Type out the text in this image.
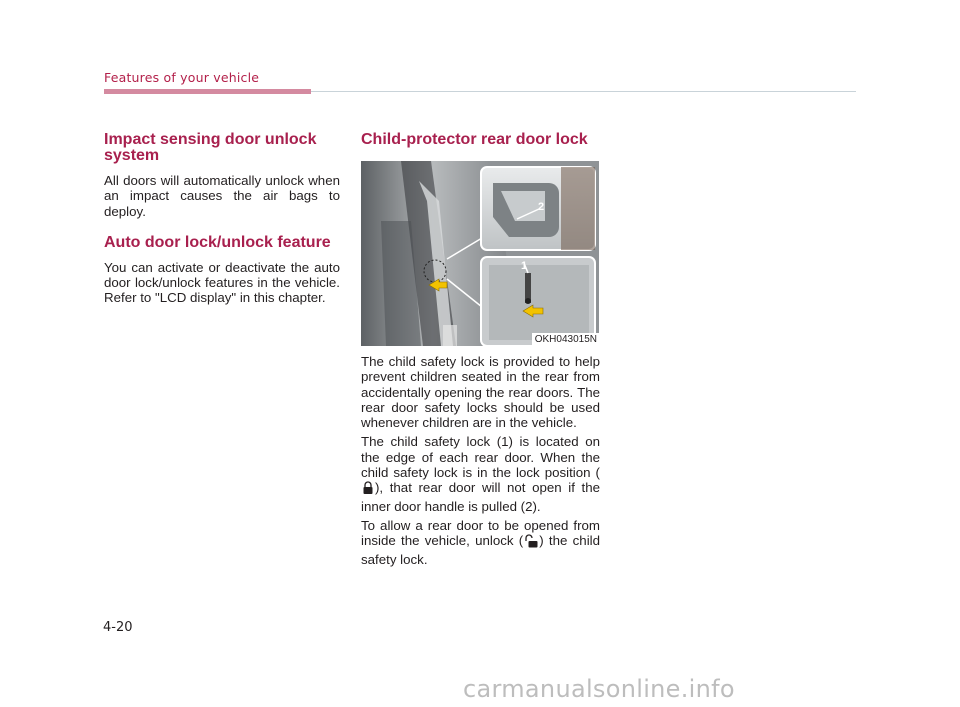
Features of your vehicle
Impact sensing door unlock system

All doors will automatically unlock when an impact causes the air bags to deploy.

Auto door lock/unlock feature

You can activate or deactivate the auto door lock/unlock features in the vehicle. Refer to "LCD display" in this chapter.

Child-protector rear door lock
2
1
OKH043015N

The child safety lock is provided to help prevent children seated in the rear from accidentally opening the rear doors. The rear door safety locks should be used whenever children are in the vehicle.

The child safety lock (1) is located on the edge of each rear door. When the child safety lock is in the lock position (), that rear door will not open if the inner door handle is pulled (2).

To allow a rear door to be opened from inside the vehicle, unlock ( ) the child safety lock.

4-20
carmanualsonline.info
